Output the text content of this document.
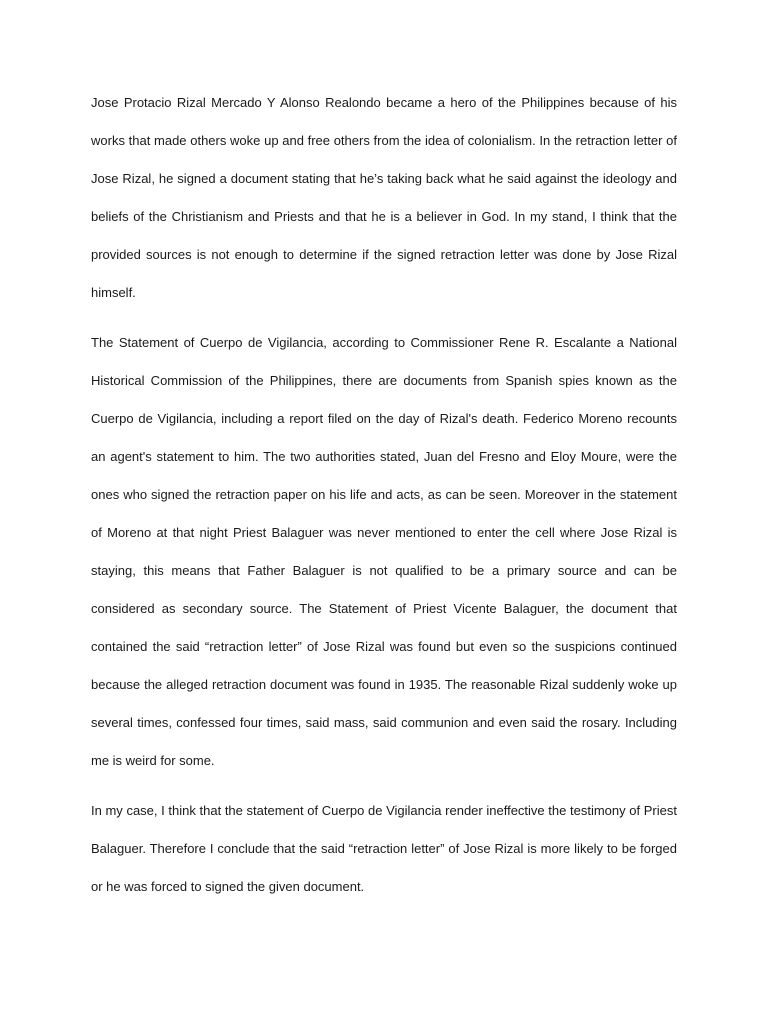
Jose Protacio Rizal Mercado Y Alonso Realondo became a hero of the Philippines because of his works that made others woke up and free others from the idea of colonialism. In the retraction letter of Jose Rizal, he signed a document stating that he’s taking back what he said against the ideology and beliefs of the Christianism and Priests and that he is a believer in God. In my stand, I think that the provided sources is not enough to determine if the signed retraction letter was done by Jose Rizal himself.

The Statement of Cuerpo de Vigilancia, according to Commissioner Rene R. Escalante a National Historical Commission of the Philippines, there are documents from Spanish spies known as the Cuerpo de Vigilancia, including a report filed on the day of Rizal's death. Federico Moreno recounts an agent's statement to him. The two authorities stated, Juan del Fresno and Eloy Moure, were the ones who signed the retraction paper on his life and acts, as can be seen. Moreover in the statement of Moreno at that night Priest Balaguer was never mentioned to enter the cell where Jose Rizal is staying, this means that Father Balaguer is not qualified to be a primary source and can be considered as secondary source. The Statement of Priest Vicente Balaguer, the document that contained the said “retraction letter” of Jose Rizal was found but even so the suspicions continued because the alleged retraction document was found in 1935. The reasonable Rizal suddenly woke up several times, confessed four times, said mass, said communion and even said the rosary. Including me is weird for some.

In my case, I think that the statement of Cuerpo de Vigilancia render ineffective the testimony of Priest Balaguer. Therefore I conclude that the said “retraction letter” of Jose Rizal is more likely to be forged or he was forced to signed the given document.
